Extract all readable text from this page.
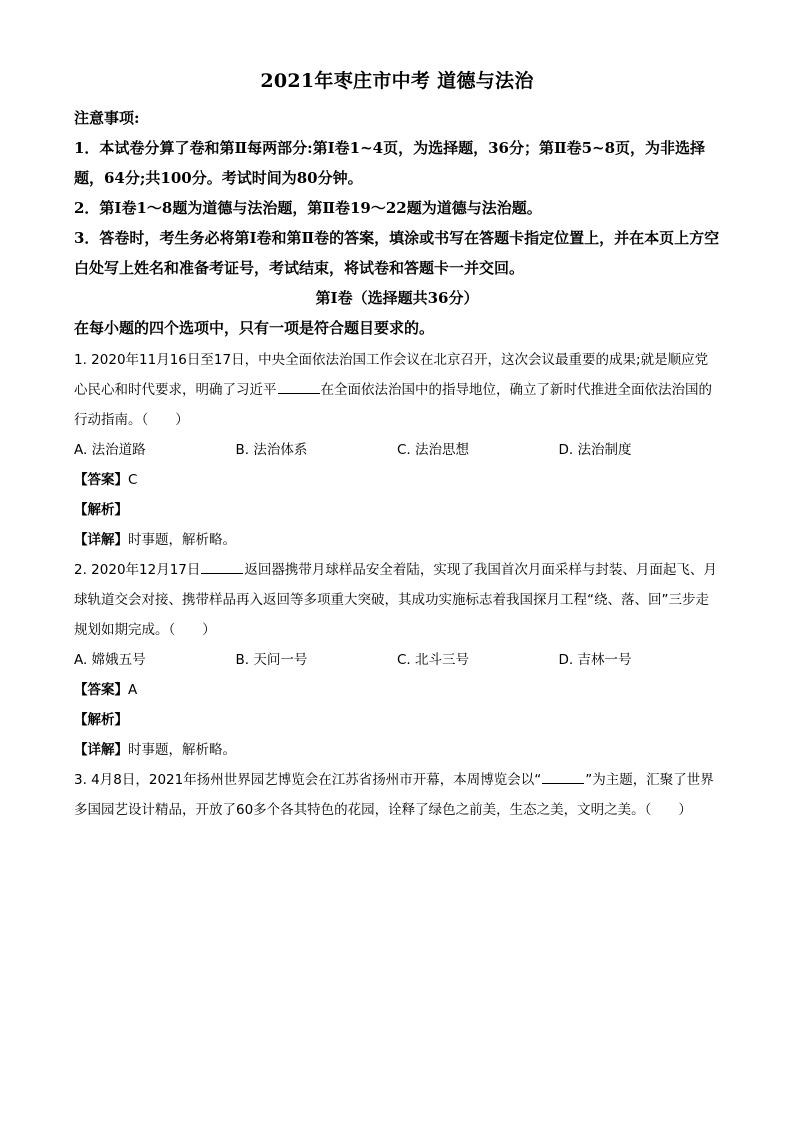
2021年枣庄市中考 道德与法治

注意事项:

1．本试卷分算了卷和第Ⅱ每两部分:第Ⅰ卷1~4页，为选择题，36分；第Ⅱ卷5~8页，为非选择题，64分;共100分。考试时间为80分钟。

2．第Ⅰ卷1～8题为道德与法治题，第Ⅱ卷19～22题为道德与法治题。

3．答卷时，考生务必将第Ⅰ卷和第Ⅱ卷的答案，填涂或书写在答题卡指定位置上，并在本页上方空白处写上姓名和准备考证号，考试结束，将试卷和答题卡一并交回。

第Ⅰ卷（选择题共36分）

在每小题的四个选项中，只有一项是符合题目要求的。

1. 2020年11月16日至17日，中央全面依法治国工作会议在北京召开，这次会议最重要的成果;就是顺应党心民心和时代要求，明确了习近平	在全面依法治国中的指导地位，确立了新时代推进全面依法治国的行动指南。（　　）

A. 法治道路	B. 法治体系	C. 法治思想	D. 法治制度

【答案】C

【解析】

【详解】时事题，解析略。

2. 2020年12月17日	返回器携带月球样品安全着陆，实现了我国首次月面采样与封装、月面起飞、月球轨道交会对接、携带样品再入返回等多项重大突破，其成功实施标志着我国探月工程“绕、落、回”三步走规划如期完成。（　　）

A. 嫦娥五号	B. 天问一号	C. 北斗三号	D. 吉林一号

【答案】A

【解析】

【详解】时事题，解析略。

3. 4月8日，2021年扬州世界园艺博览会在江苏省扬州市开幕，本周博览会以“	”为主题，汇聚了世界多国园艺设计精品，开放了60多个各其特色的花园，诠释了绿色之前美，生态之美，文明之美。（　　）
